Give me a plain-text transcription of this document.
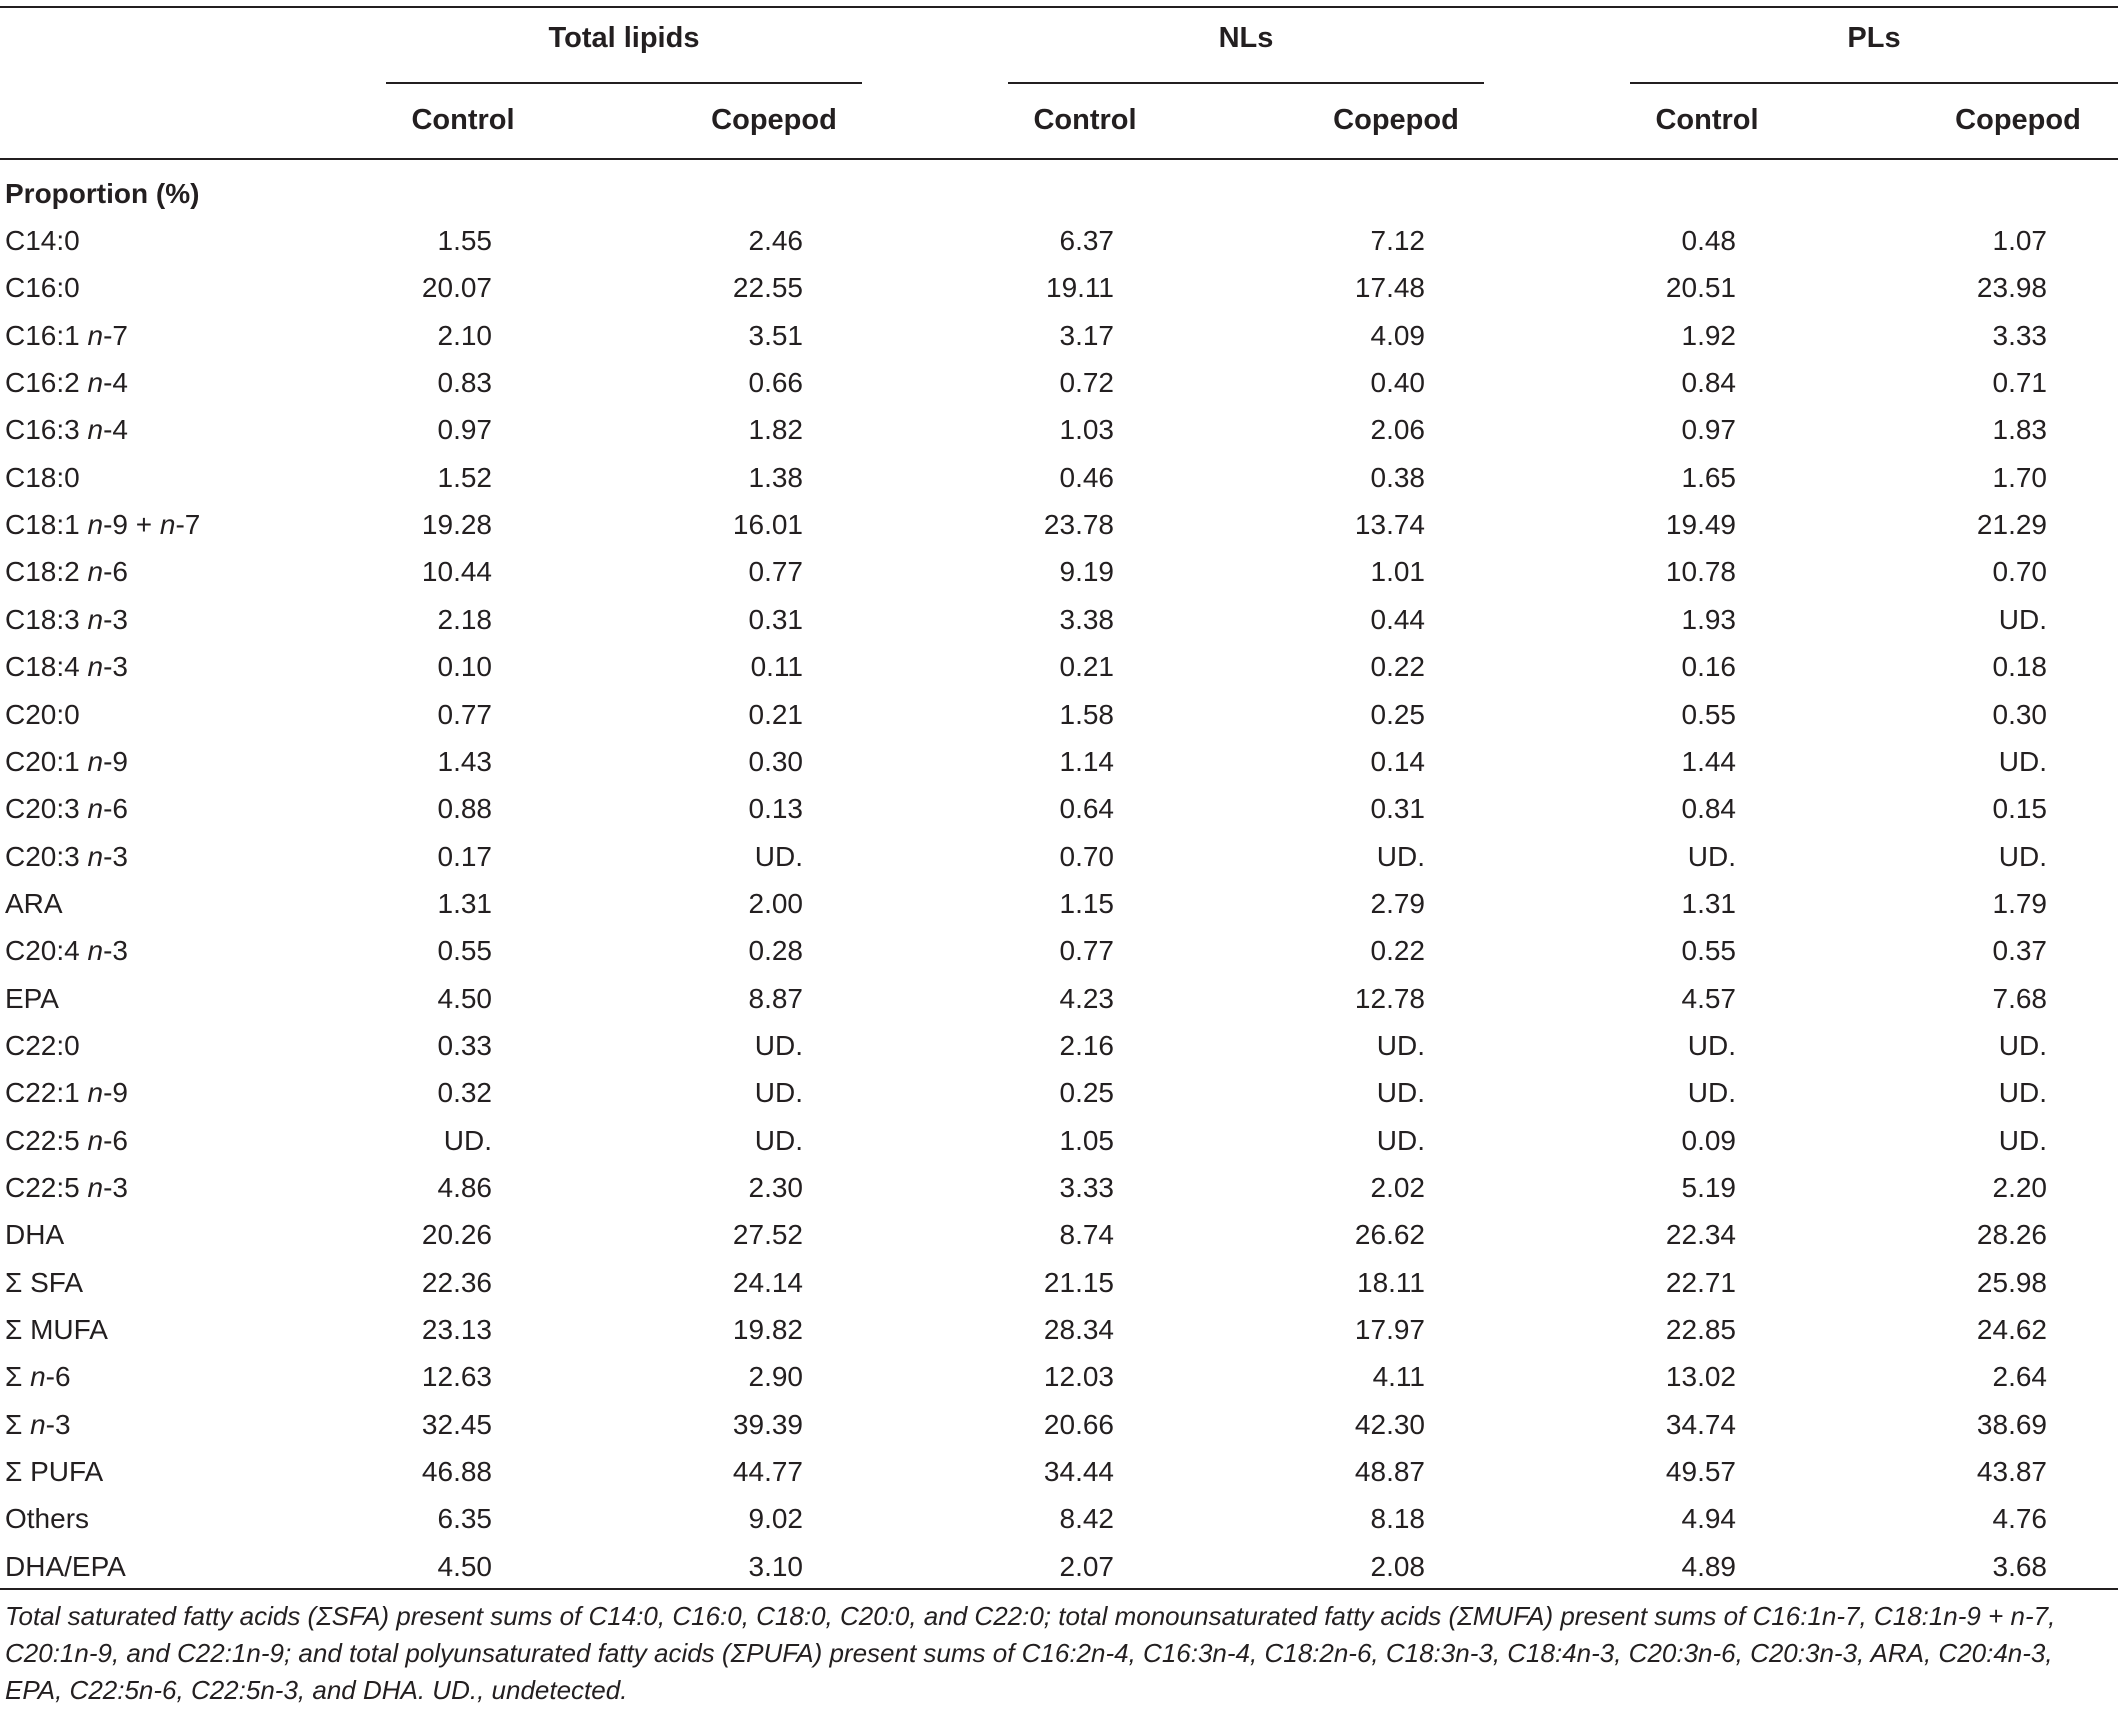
Total lipids	NLs	PLs
Control	Copepod	Control	Copepod	Control	Copepod
Proportion (%)
C14:0	1.55	2.46	6.37	7.12	0.48	1.07
C16:0	20.07	22.55	19.11	17.48	20.51	23.98
C16:1 n-7	2.10	3.51	3.17	4.09	1.92	3.33
C16:2 n-4	0.83	0.66	0.72	0.40	0.84	0.71
C16:3 n-4	0.97	1.82	1.03	2.06	0.97	1.83
C18:0	1.52	1.38	0.46	0.38	1.65	1.70
C18:1 n-9 + n-7	19.28	16.01	23.78	13.74	19.49	21.29
C18:2 n-6	10.44	0.77	9.19	1.01	10.78	0.70
C18:3 n-3	2.18	0.31	3.38	0.44	1.93	UD.
C18:4 n-3	0.10	0.11	0.21	0.22	0.16	0.18
C20:0	0.77	0.21	1.58	0.25	0.55	0.30
C20:1 n-9	1.43	0.30	1.14	0.14	1.44	UD.
C20:3 n-6	0.88	0.13	0.64	0.31	0.84	0.15
C20:3 n-3	0.17	UD.	0.70	UD.	UD.	UD.
ARA	1.31	2.00	1.15	2.79	1.31	1.79
C20:4 n-3	0.55	0.28	0.77	0.22	0.55	0.37
EPA	4.50	8.87	4.23	12.78	4.57	7.68
C22:0	0.33	UD.	2.16	UD.	UD.	UD.
C22:1 n-9	0.32	UD.	0.25	UD.	UD.	UD.
C22:5 n-6	UD.	UD.	1.05	UD.	0.09	UD.
C22:5 n-3	4.86	2.30	3.33	2.02	5.19	2.20
DHA	20.26	27.52	8.74	26.62	22.34	28.26
Σ SFA	22.36	24.14	21.15	18.11	22.71	25.98
Σ MUFA	23.13	19.82	28.34	17.97	22.85	24.62
Σ n-6	12.63	2.90	12.03	4.11	13.02	2.64
Σ n-3	32.45	39.39	20.66	42.30	34.74	38.69
Σ PUFA	46.88	44.77	34.44	48.87	49.57	43.87
Others	6.35	9.02	8.42	8.18	4.94	4.76
DHA/EPA	4.50	3.10	2.07	2.08	4.89	3.68
Total saturated fatty acids (ΣSFA) present sums of C14:0, C16:0, C18:0, C20:0, and C22:0; total monounsaturated fatty acids (ΣMUFA) present sums of C16:1n-7, C18:1n-9 + n-7, C20:1n-9, and C22:1n-9; and total polyunsaturated fatty acids (ΣPUFA) present sums of C16:2n-4, C16:3n-4, C18:2n-6, C18:3n-3, C18:4n-3, C20:3n-6, C20:3n-3, ARA, C20:4n-3, EPA, C22:5n-6, C22:5n-3, and DHA. UD., undetected.
